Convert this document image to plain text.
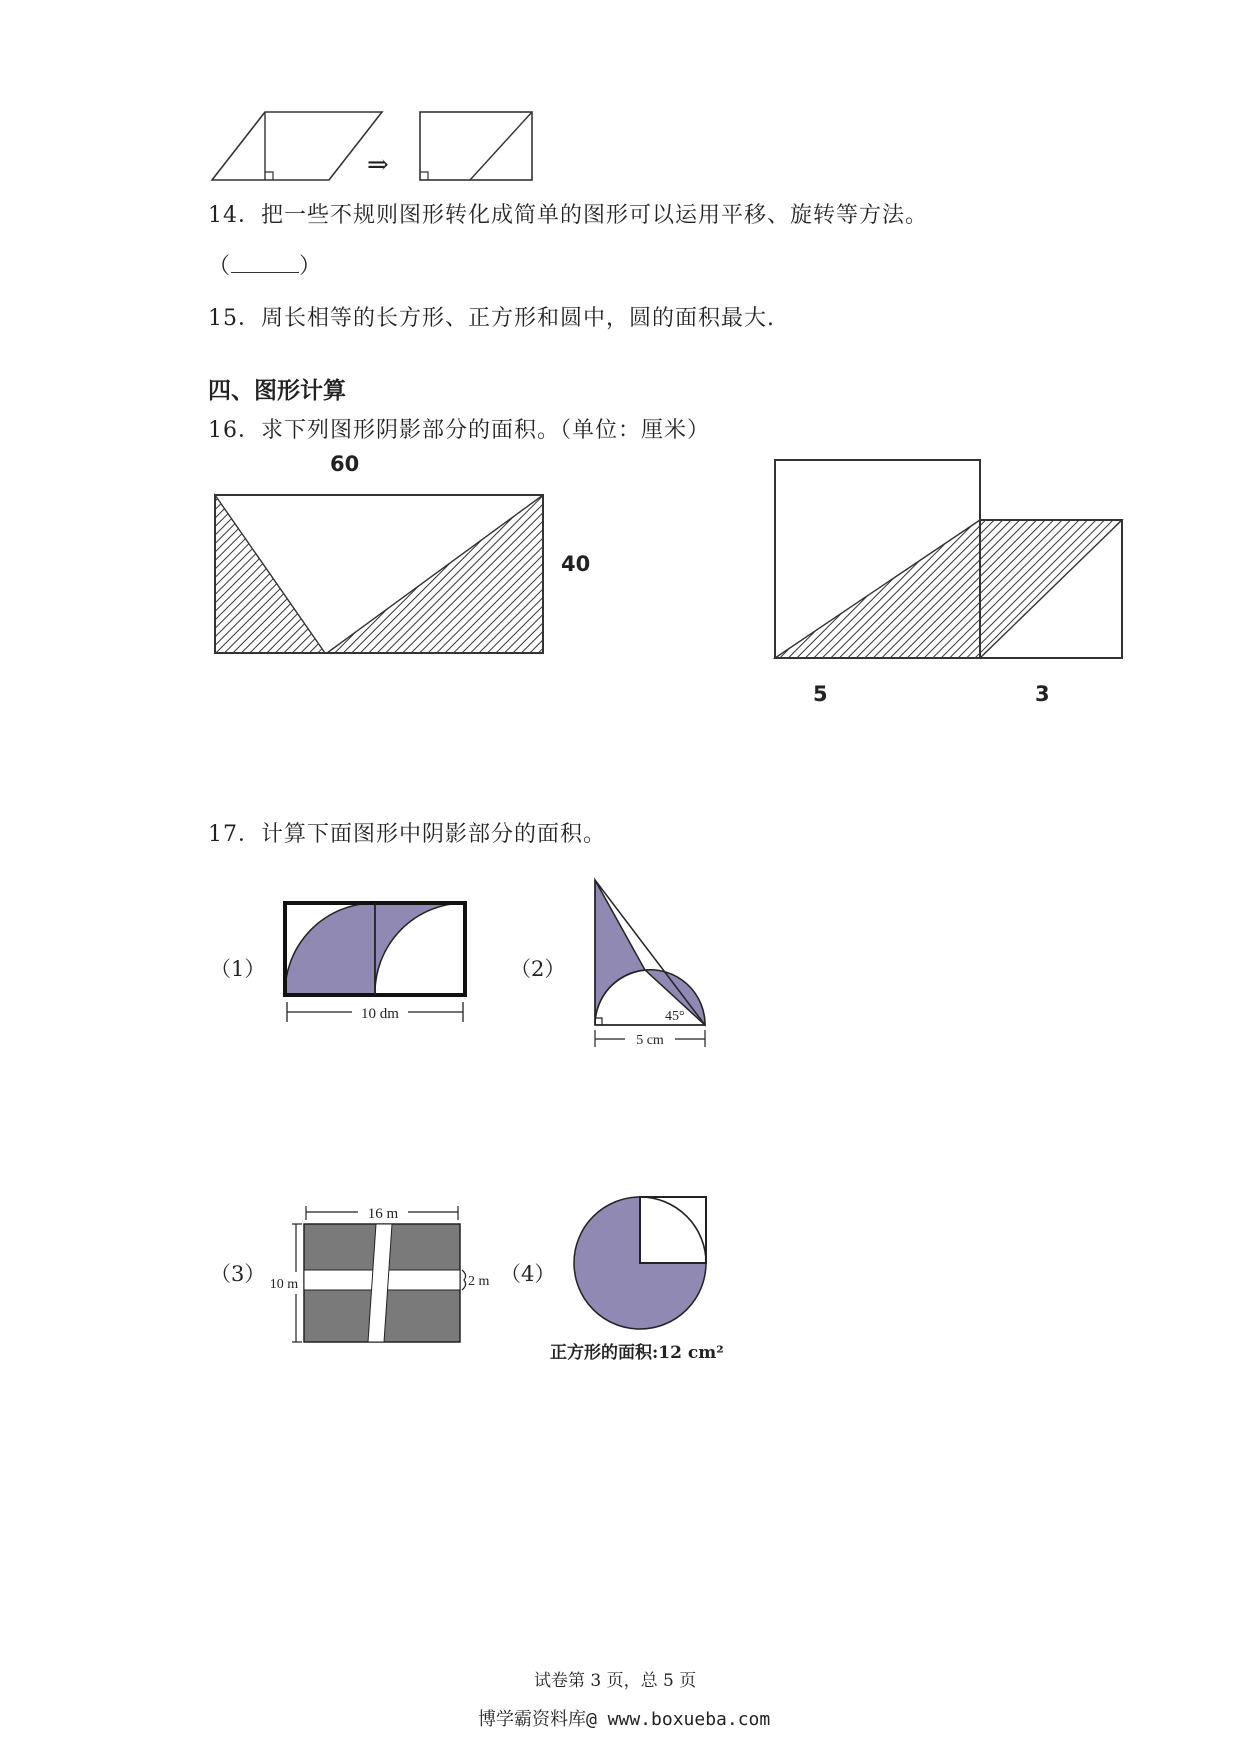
⇒
14．把一些不规则图形转化成简单的图形可以运用平移、旋转等方法。
（	）
15．周长相等的长方形、正方形和圆中，圆的面积最大.
四、图形计算
16．求下列图形阴影部分的面积。（单位：厘米）
60
40
5	3
17．计算下面图形中阴影部分的面积。
（1）
10 dm
（2）
45°
5 cm
（3）
16 m
10 m	2 m （4）
正方形的面积:12 cm²
试卷第 3 页，总 5 页
博学霸资料库@ www.boxueba.com
